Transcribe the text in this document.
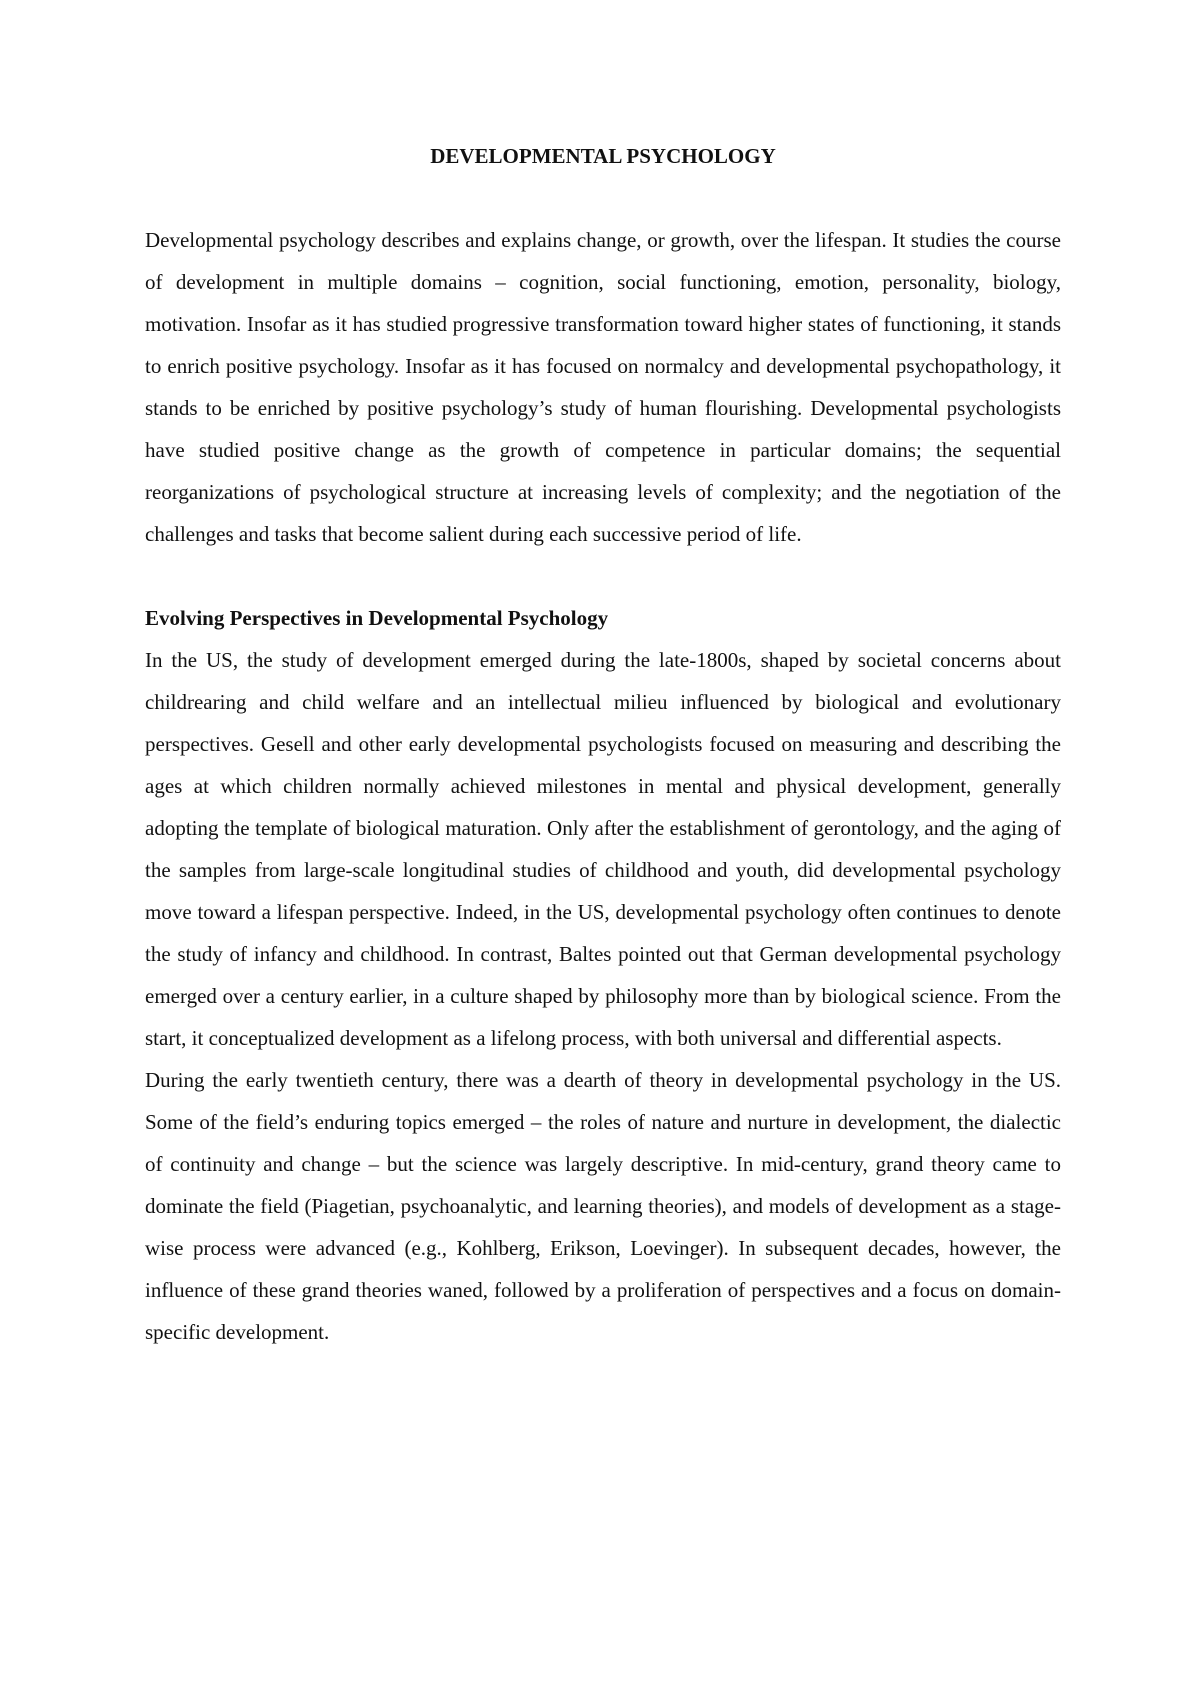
DEVELOPMENTAL PSYCHOLOGY

Developmental psychology describes and explains change, or growth, over the lifespan. It studies the course of development in multiple domains – cognition, social functioning, emotion, personality, biology, motivation. Insofar as it has studied progressive transformation toward higher states of functioning, it stands to enrich positive psychology. Insofar as it has focused on normalcy and developmental psychopathology, it stands to be enriched by positive psychology’s study of human flourishing. Developmental psychologists have studied positive change as the growth of competence in particular domains; the sequential reorganizations of psychological structure at increasing levels of complexity; and the negotiation of the challenges and tasks that become salient during each successive period of life.

Evolving Perspectives in Developmental Psychology

In the US, the study of development emerged during the late-1800s, shaped by societal concerns about childrearing and child welfare and an intellectual milieu influenced by biological and evolutionary perspectives. Gesell and other early developmental psychologists focused on measuring and describing the ages at which children normally achieved milestones in mental and physical development, generally adopting the template of biological maturation. Only after the establishment of gerontology, and the aging of the samples from large-scale longitudinal studies of childhood and youth, did developmental psychology move toward a lifespan perspective. Indeed, in the US, developmental psychology often continues to denote the study of infancy and childhood. In contrast, Baltes pointed out that German developmental psychology emerged over a century earlier, in a culture shaped by philosophy more than by biological science. From the start, it conceptualized development as a lifelong process, with both universal and differential aspects.

During the early twentieth century, there was a dearth of theory in developmental psychology in the US. Some of the field’s enduring topics emerged – the roles of nature and nurture in development, the dialectic of continuity and change – but the science was largely descriptive. In mid-century, grand theory came to dominate the field (Piagetian, psychoanalytic, and learning theories), and models of development as a stage-wise process were advanced (e.g., Kohlberg, Erikson, Loevinger). In subsequent decades, however, the influence of these grand theories waned, followed by a proliferation of perspectives and a focus on domain-specific development.
